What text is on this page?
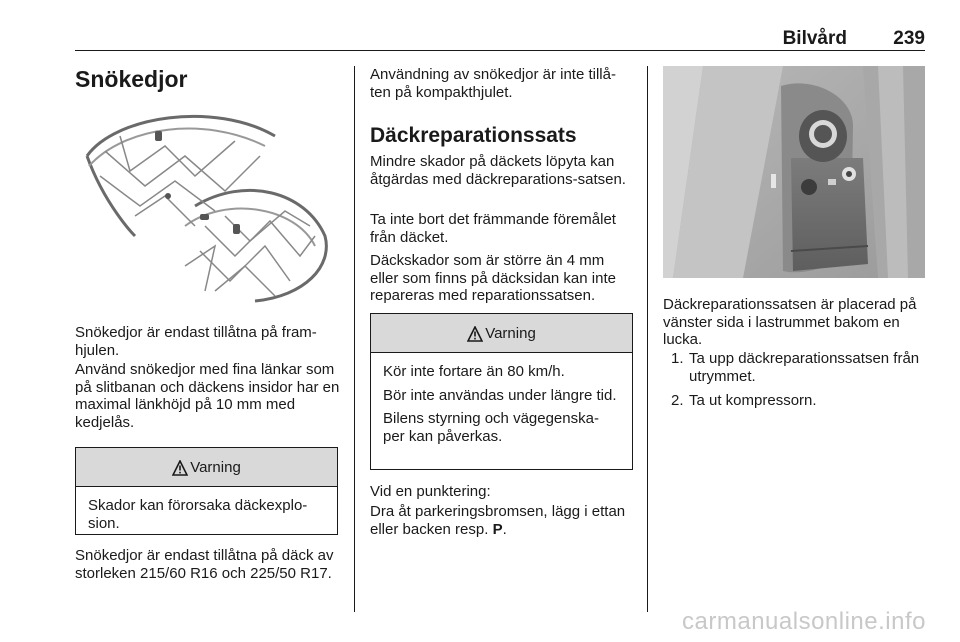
Bilvård 239
Snökedjor

Snökedjor är endast tillåtna på fram-hjulen.

Använd snökedjor med fina länkar som på slitbanan och däckens insidor har en maximal länkhöjd på 10 mm med kedjelås.

Varning

Skador kan förorsaka däckexplo-sion.

Snökedjor är endast tillåtna på däck av storleken 215/60 R16 och 225/50 R17.

Användning av snökedjor är inte tillå-ten på kompakthjulet.

Däckreparationssats

Mindre skador på däckets löpyta kan åtgärdas med däckreparations-satsen.

Ta inte bort det främmande föremålet från däcket.

Däckskador som är större än 4 mm eller som finns på däcksidan kan inte repareras med reparationssatsen.

Varning

Kör inte fortare än 80 km/h.

Bör inte användas under längre tid.

Bilens styrning och vägegenska-per kan påverkas.

Vid en punktering:

Dra åt parkeringsbromsen, lägg i ettan eller backen resp. P.

Däckreparationssatsen är placerad på vänster sida i lastrummet bakom en lucka.

1. Ta upp däckreparationssatsen från utrymmet.

2. Ta ut kompressorn.

carmanualsonline.info
